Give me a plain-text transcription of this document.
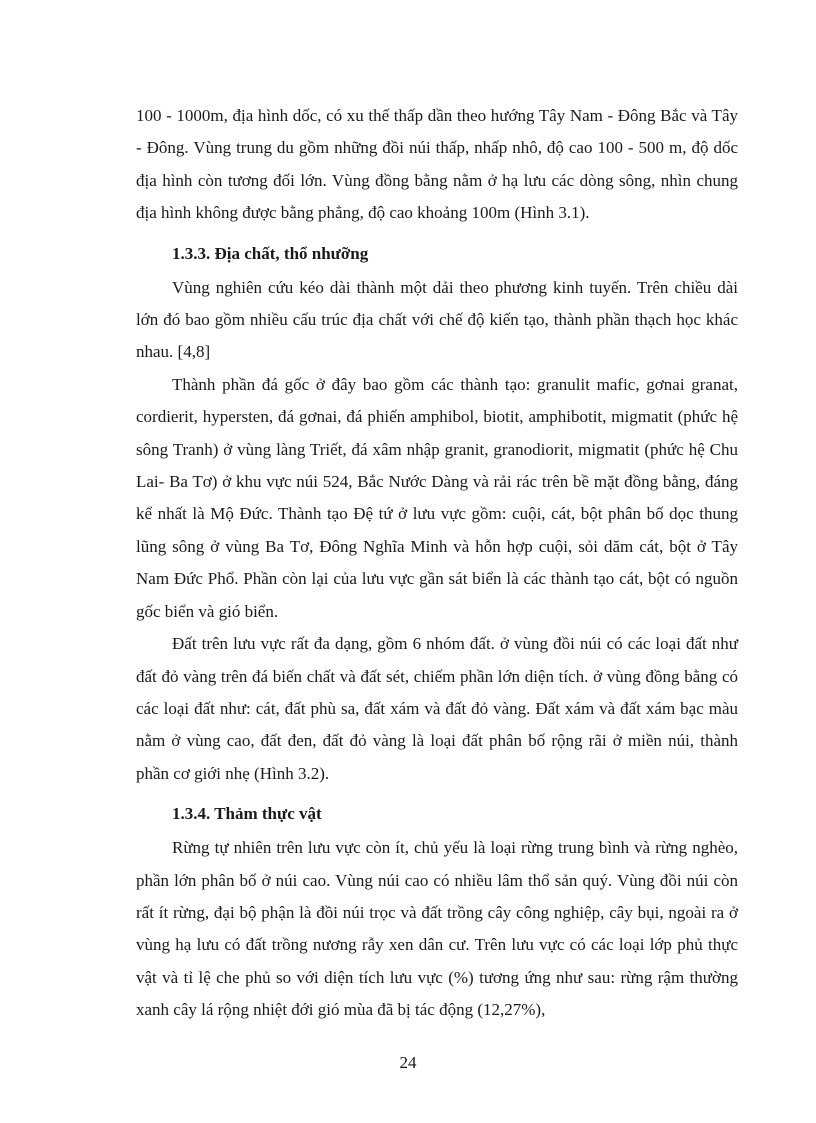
100 - 1000m, địa hình dốc, có xu thế thấp dần theo hướng Tây Nam - Đông Bắc và Tây - Đông. Vùng trung du gồm những đồi núi thấp, nhấp nhô, độ cao 100 - 500 m, độ dốc địa hình còn tương đối lớn. Vùng đồng bằng nằm ở hạ lưu các dòng sông, nhìn chung địa hình không được bằng phẳng, độ cao khoảng 100m (Hình 3.1).

1.3.3. Địa chất, thổ nhưỡng

Vùng nghiên cứu kéo dài thành một dải theo phương kinh tuyến. Trên chiều dài lớn đó bao gồm nhiều cấu trúc địa chất với chế độ kiến tạo, thành phần thạch học khác nhau. [4,8]

Thành phần đá gốc ở đây bao gồm các thành tạo: granulit mafic, gơnai granat, cordierit, hypersten, đá gơnai, đá phiến amphibol, biotit, amphibotit, migmatit (phức hệ sông Tranh) ở vùng làng Triết, đá xâm nhập granit, granodiorit, migmatit (phức hệ Chu Lai- Ba Tơ) ở khu vực núi 524, Bắc Nước Dàng và rải rác trên bề mặt đồng bằng, đáng kể nhất là Mộ Đức. Thành tạo Đệ tứ ở lưu vực gồm: cuội, cát, bột phân bố dọc thung lũng sông ở vùng Ba Tơ, Đông Nghĩa Minh và hỗn hợp cuội, sỏi dăm cát, bột ở Tây Nam Đức Phổ. Phần còn lại của lưu vực gần sát biển là các thành tạo cát, bột có nguồn gốc biển và gió biển.

Đất trên lưu vực rất đa dạng, gồm 6 nhóm đất. ở vùng đồi núi có các loại đất như đất đỏ vàng trên đá biến chất và đất sét, chiếm phần lớn diện tích. ở vùng đồng bằng có các loại đất như: cát, đất phù sa, đất xám và đất đỏ vàng. Đất xám và đất xám bạc màu nằm ở vùng cao, đất đen, đất đỏ vàng là loại đất phân bố rộng rãi ở miền núi, thành phần cơ giới nhẹ (Hình 3.2).

1.3.4. Thảm thực vật

Rừng tự nhiên trên lưu vực còn ít, chủ yếu là loại rừng trung bình và rừng nghèo, phần lớn phân bố ở núi cao. Vùng núi cao có nhiều lâm thổ sản quý. Vùng đồi núi còn rất ít rừng, đại bộ phận là đồi núi trọc và đất trồng cây công nghiệp, cây bụi, ngoài ra ở vùng hạ lưu có đất trồng nương rẫy xen dân cư. Trên lưu vực có các loại lớp phủ thực vật và tỉ lệ che phủ so với diện tích lưu vực (%) tương ứng như sau: rừng rậm thường xanh cây lá rộng nhiệt đới gió mùa đã bị tác động (12,27%),

24
